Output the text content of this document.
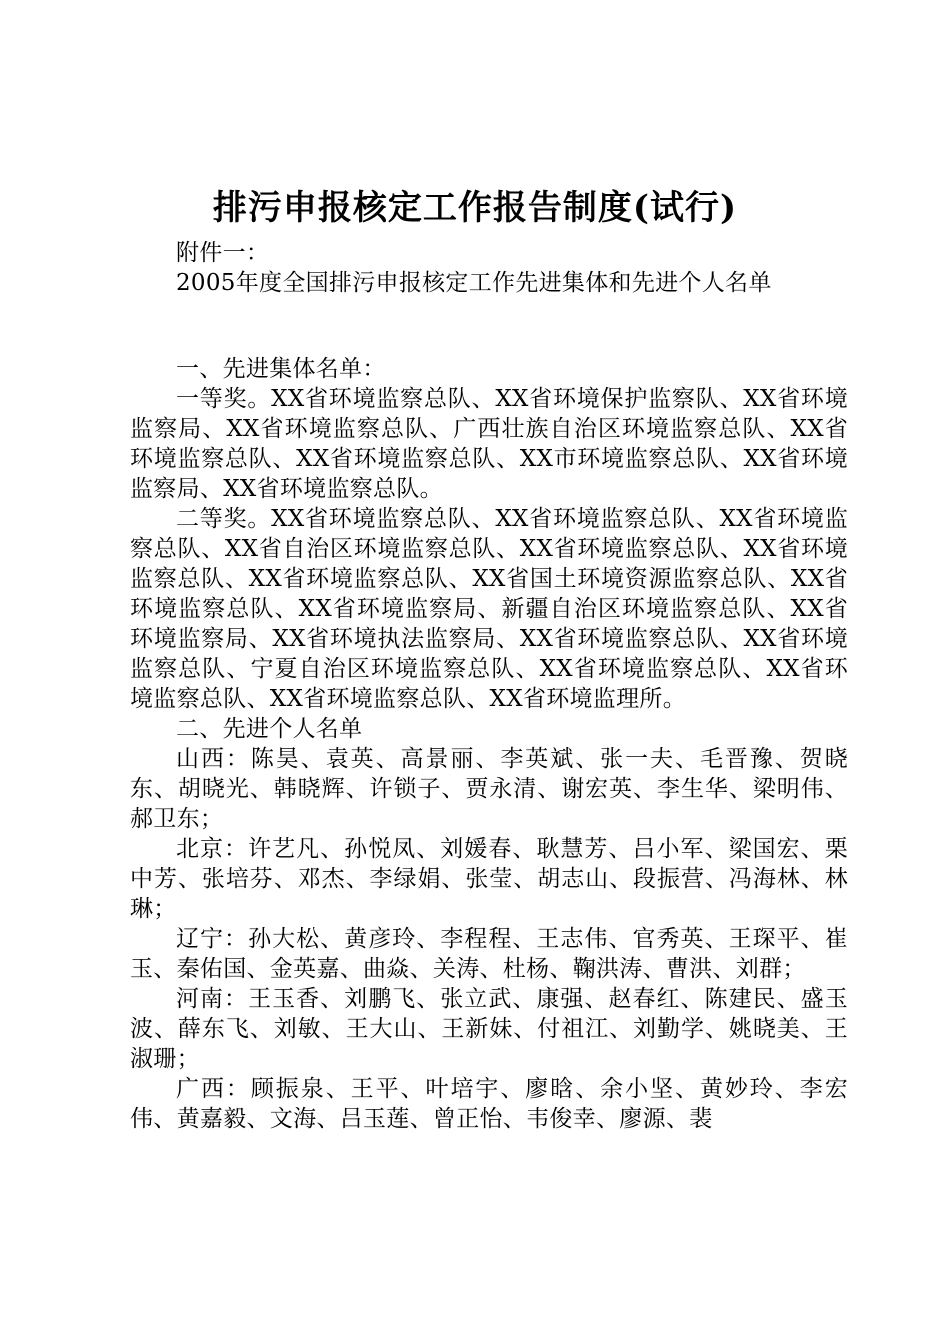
排污申报核定工作报告制度(试行)

附件一：

2005年度全国排污申报核定工作先进集体和先进个人名单

一、先进集体名单：

一等奖。XX省环境监察总队、XX省环境保护监察队、XX省环境监察局、XX省环境监察总队、广西壮族自治区环境监察总队、XX省环境监察总队、XX省环境监察总队、XX市环境监察总队、XX省环境监察局、XX省环境监察总队。

二等奖。XX省环境监察总队、XX省环境监察总队、XX省环境监察总队、XX省自治区环境监察总队、XX省环境监察总队、XX省环境监察总队、XX省环境监察总队、XX省国土环境资源监察总队、XX省环境监察总队、XX省环境监察局、新疆自治区环境监察总队、XX省环境监察局、XX省环境执法监察局、XX省环境监察总队、XX省环境监察总队、宁夏自治区环境监察总队、XX省环境监察总队、XX省环境监察总队、XX省环境监察总队、XX省环境监理所。

二、先进个人名单

山西：陈昊、袁英、高景丽、李英斌、张一夫、毛晋豫、贺晓东、胡晓光、韩晓辉、许锁子、贾永清、谢宏英、李生华、梁明伟、郝卫东；

北京：许艺凡、孙悦凤、刘媛春、耿慧芳、吕小军、梁国宏、栗中芳、张培芬、邓杰、李绿娟、张莹、胡志山、段振营、冯海林、林琳；

辽宁：孙大松、黄彦玲、李程程、王志伟、官秀英、王琛平、崔玉、秦佑国、金英嘉、曲焱、关涛、杜杨、鞠洪涛、曹洪、刘群；

河南：王玉香、刘鹏飞、张立武、康强、赵春红、陈建民、盛玉波、薛东飞、刘敏、王大山、王新妹、付祖江、刘勤学、姚晓美、王淑珊；

广西：顾振泉、王平、叶培宇、廖晗、余小坚、黄妙玲、李宏伟、黄嘉毅、文海、吕玉莲、曾正怡、韦俊幸、廖源、裴
